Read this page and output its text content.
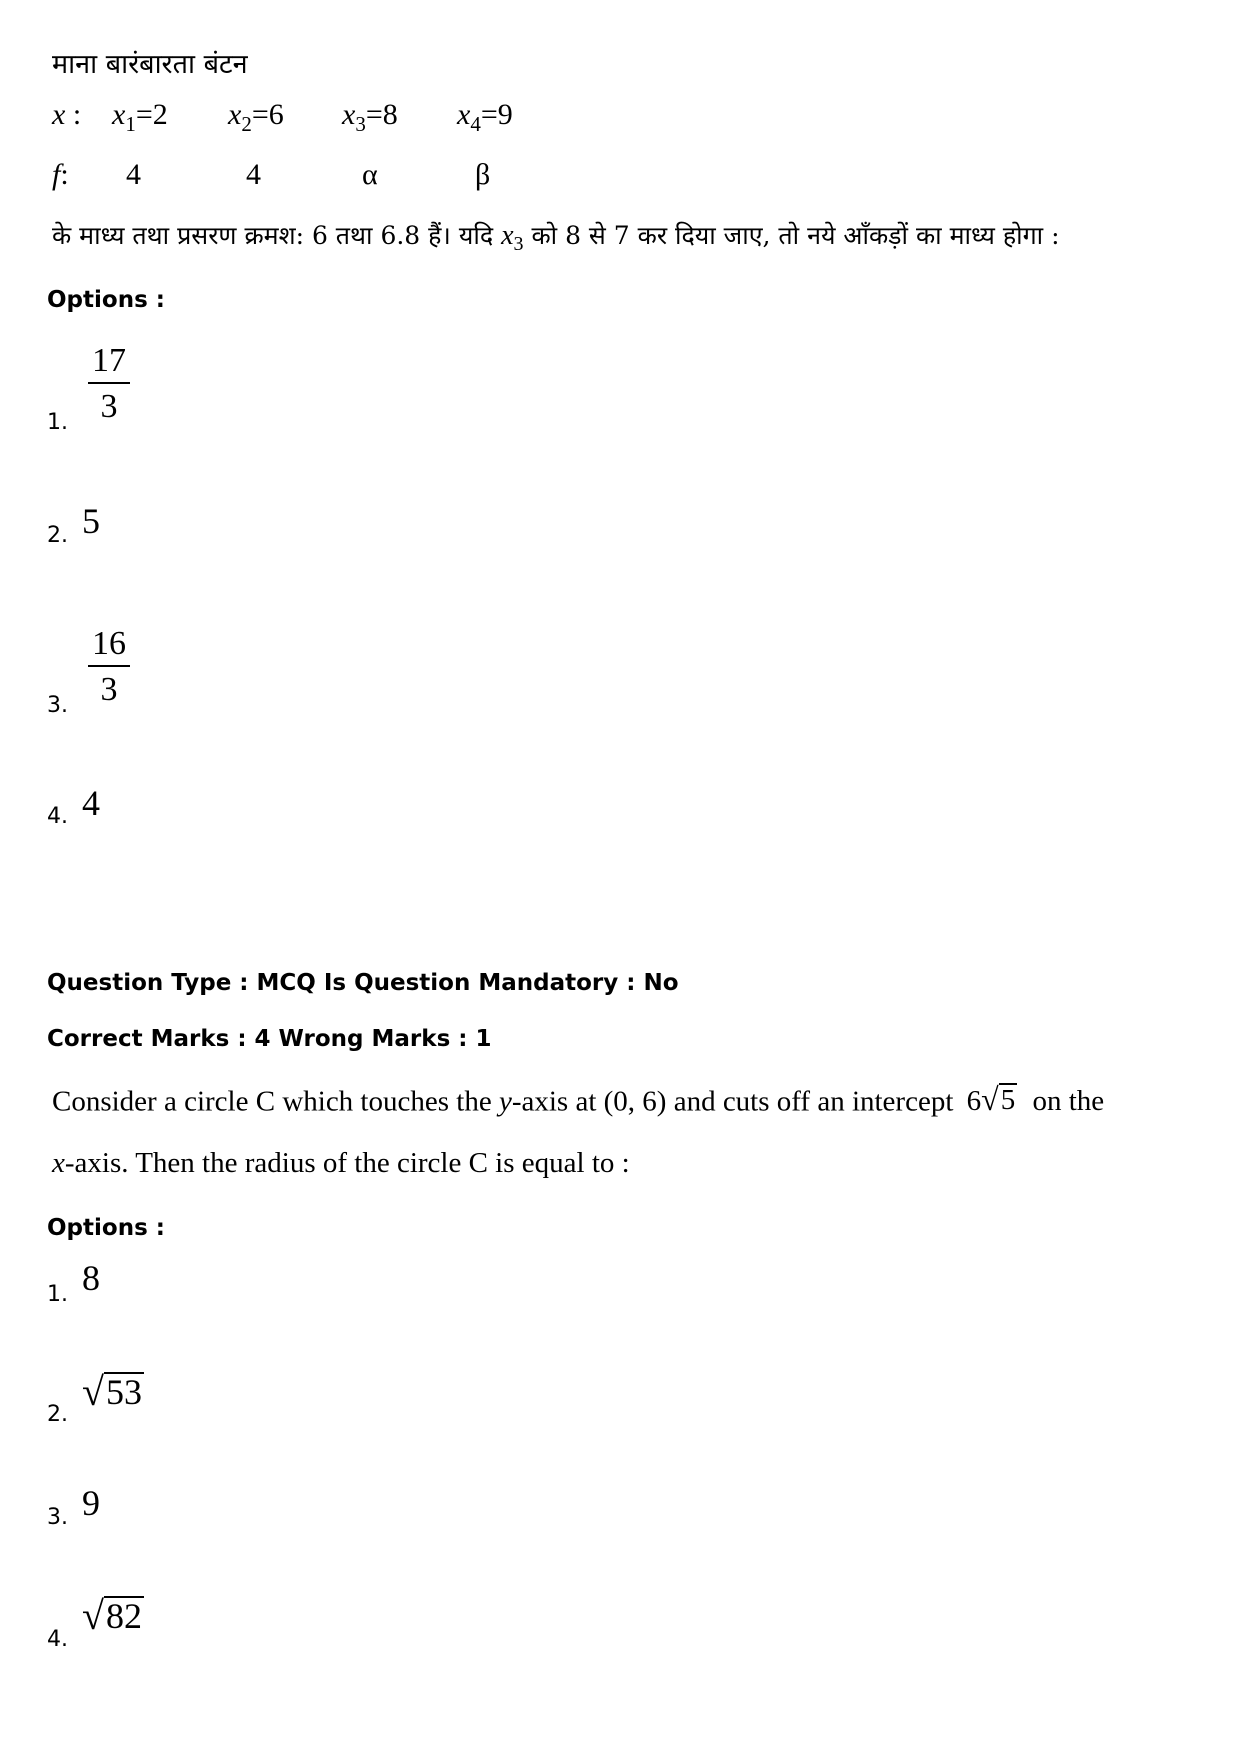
माना बारंबारता बंटन
x : $x_1=2$ $x_2=6$ $x_3=8$ $x_4=9$
f: 4	4	α	β
के माध्य तथा प्रसरण क्रमश: 6 तथा 6.8 हैं। यदि $x_3$ को 8 से 7 कर दिया जाए, तो नये आँकड़ों का माध्य होगा :
Options :
1. $\frac{17}{3}$
2. 5
3. $\frac{16}{3}$
4. 4
Question Type : MCQ Is Question Mandatory : No
Correct Marks : 4 Wrong Marks : 1
Consider a circle C which touches the y-axis at (0, 6) and cuts off an intercept 6 √ 5 on the
x-axis. Then the radius of the circle C is equal to :
Options :
1. 8
2.
√ 53
3. 9
4.
√ 82
